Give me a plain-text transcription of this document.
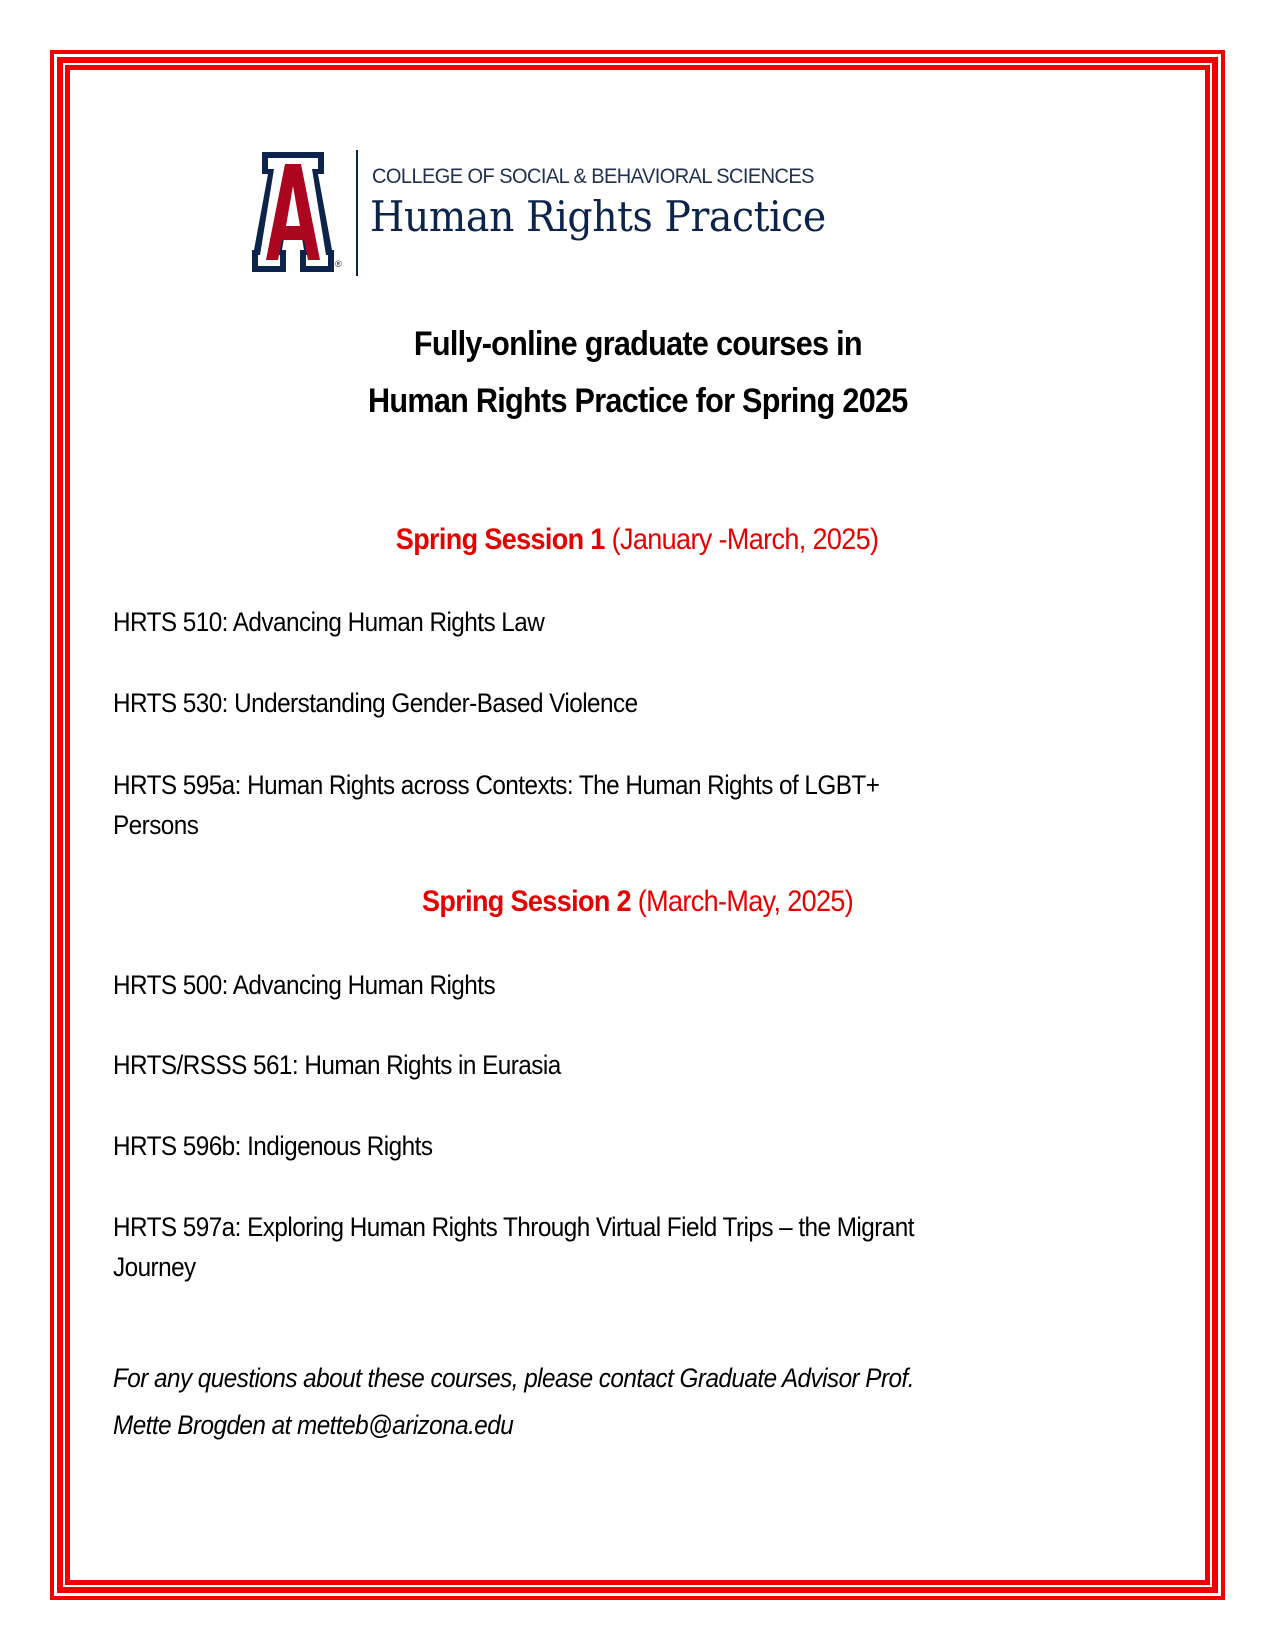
®
COLLEGE OF SOCIAL & BEHAVIORAL SCIENCES
Human Rights Practice
Fully-online graduate courses in
Human Rights Practice for Spring 2025
Spring Session 1 (January -March, 2025)
HRTS 510: Advancing Human Rights Law
HRTS 530: Understanding Gender-Based Violence
HRTS 595a: Human Rights across Contexts: The Human Rights of LGBT+
Persons
Spring Session 2 (March-May, 2025)
HRTS 500: Advancing Human Rights
HRTS/RSSS 561: Human Rights in Eurasia
HRTS 596b: Indigenous Rights
HRTS 597a: Exploring Human Rights Through Virtual Field Trips – the Migrant
Journey
For any questions about these courses, please contact Graduate Advisor Prof.
Mette Brogden at metteb@arizona.edu
